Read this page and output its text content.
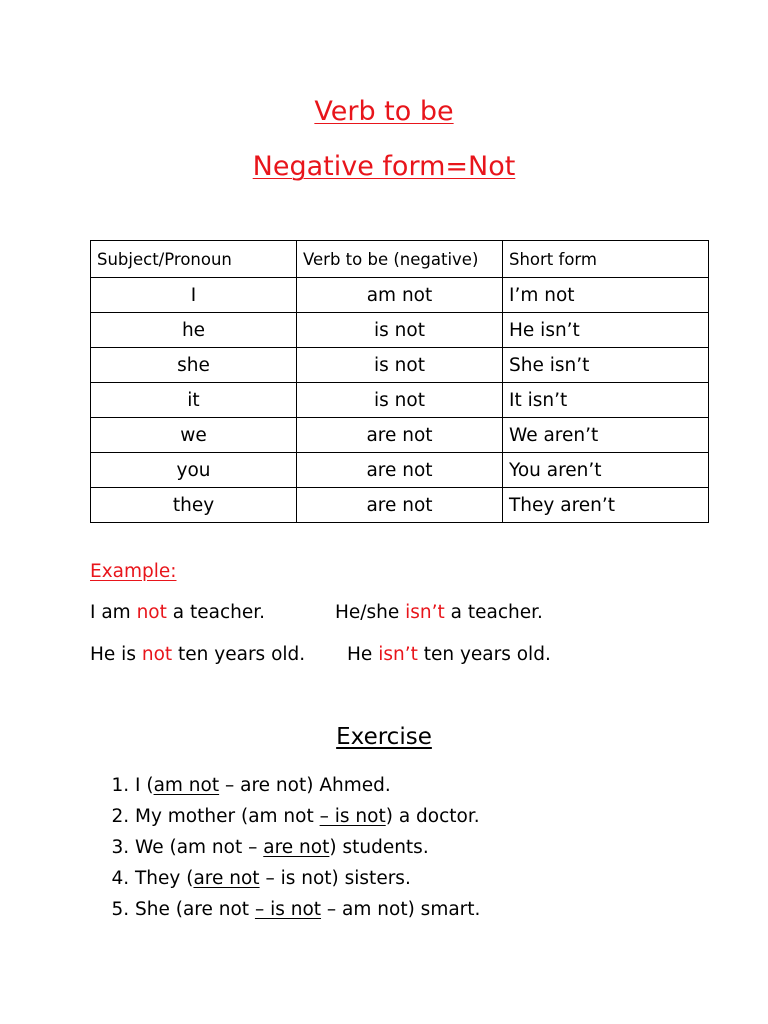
Verb to be
Negative form=Not
Subject/Pronoun	Verb to be (negative)	Short form
I	am not	I’m not
he	is not	He isn’t
she	is not	She isn’t
it	is not	It isn’t
we	are not	We aren’t
you	are not	You aren’t
they	are not	They aren’t
Example:
I am not a teacher.	He/she isn’t a teacher.
He is not ten years old. He isn’t ten years old.
Exercise
1. I (am not – are not) Ahmed.
2. My mother (am not – is not) a doctor.
3. We (am not – are not) students.
4. They (are not – is not) sisters.
5. She (are not – is not – am not) smart.
